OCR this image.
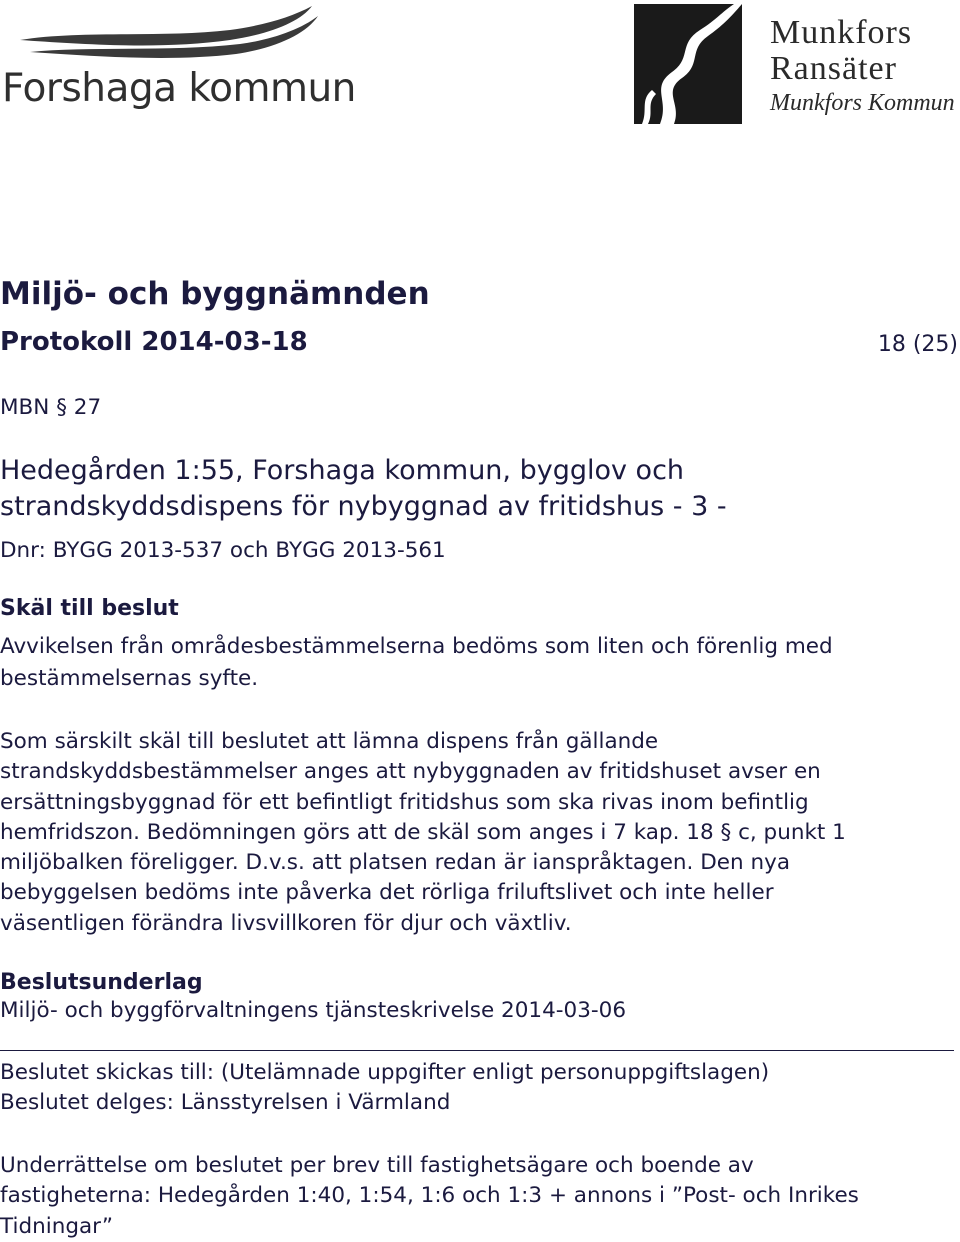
Forshaga kommun
Munkfors
Ransäter
Munkfors Kommun
Miljö- och byggnämnden
Protokoll 2014-03-18	18 (25)
MBN § 27
Hedegården 1:55, Forshaga kommun, bygglov och
strandskyddsdispens för nybyggnad av fritidshus - 3 -
Dnr: BYGG 2013-537 och BYGG 2013-561
Skäl till beslut
Avvikelsen från områdesbestämmelserna bedöms som liten och förenlig med
bestämmelsernas syfte.
Som särskilt skäl till beslutet att lämna dispens från gällande
strandskyddsbestämmelser anges att nybyggnaden av fritidshuset avser en
ersättningsbyggnad för ett befintligt fritidshus som ska rivas inom befintlig
hemfridszon. Bedömningen görs att de skäl som anges i 7 kap. 18 § c, punkt 1
miljöbalken föreligger. D.v.s. att platsen redan är ianspråktagen. Den nya
bebyggelsen bedöms inte påverka det rörliga friluftslivet och inte heller
väsentligen förändra livsvillkoren för djur och växtliv.
Beslutsunderlag
Miljö- och byggförvaltningens tjänsteskrivelse 2014-03-06
Beslutet skickas till: (Utelämnade uppgifter enligt personuppgiftslagen)
Beslutet delges: Länsstyrelsen i Värmland
Underrättelse om beslutet per brev till fastighetsägare och boende av
fastigheterna: Hedegården 1:40, 1:54, 1:6 och 1:3 + annons i ”Post- och Inrikes
Tidningar”
